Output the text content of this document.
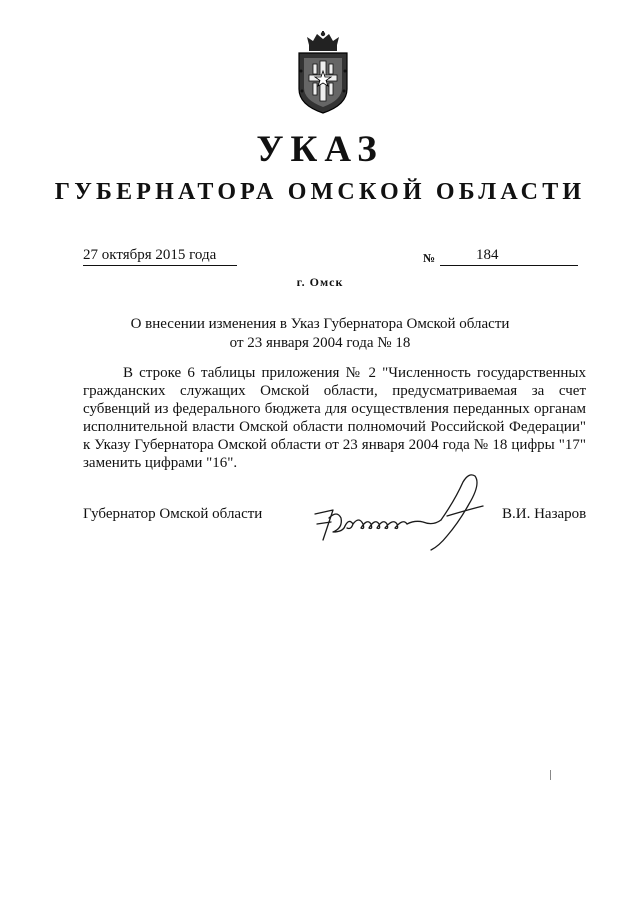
УКАЗ
ГУБЕРНАТОРА ОМСКОЙ ОБЛАСТИ
27 октября 2015 года	№	184
г. Омск
О внесении изменения в Указ Губернатора Омской области
от 23 января 2004 года № 18

В строке 6 таблицы приложения № 2 "Численность государственных гражданских служащих Омской области, предусматриваемая за счет субвенций из федерального бюджета для осуществления переданных органам исполнительной власти Омской области полномочий Российской Федерации" к Указу Губернатора Омской области от 23 января 2004 года № 18 цифры "17" заменить цифрами "16".

Губернатор Омской области	В.И. Назаров
